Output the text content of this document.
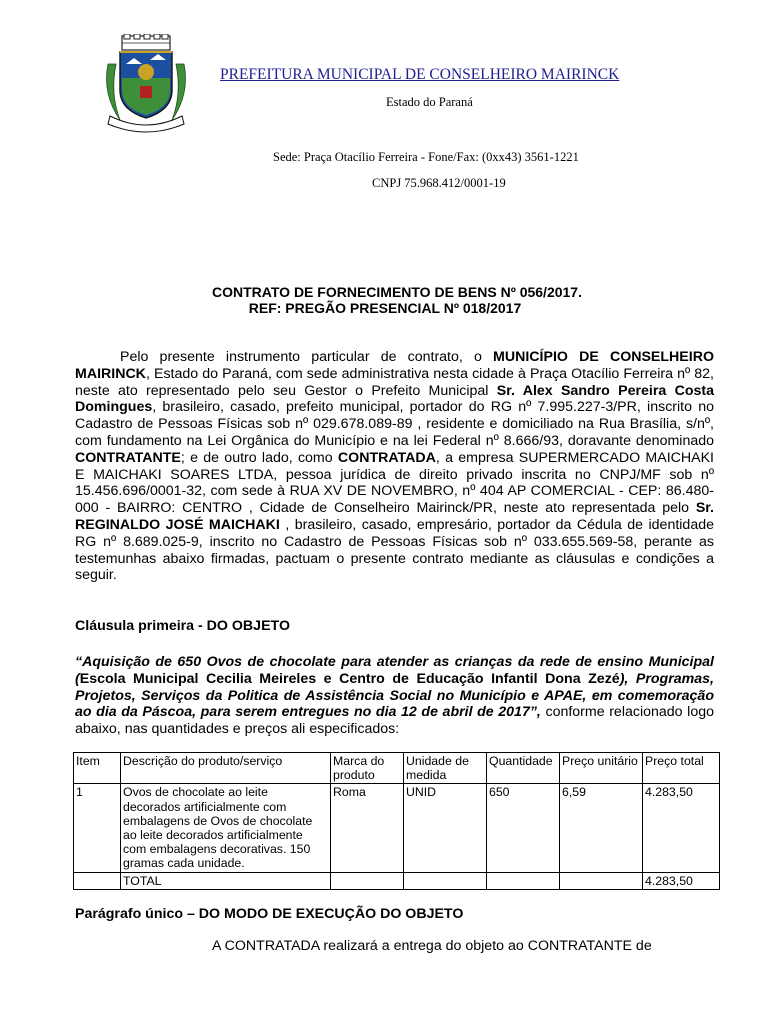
PREFEITURA MUNICIPAL DE CONSELHEIRO MAIRINCK
Estado do Paraná
Sede: Praça Otacílio Ferreira - Fone/Fax: (0xx43) 3561-1221
CNPJ 75.968.412/0001-19
CONTRATO DE FORNECIMENTO DE BENS Nº 056/2017.
REF: PREGÃO PRESENCIAL Nº 018/2017
Pelo presente instrumento particular de contrato, o MUNICÍPIO DE CONSELHEIRO MAIRINCK, Estado do Paraná, com sede administrativa nesta cidade à Praça Otacílio Ferreira nº 82, neste ato representado pelo seu Gestor o Prefeito Municipal Sr. Alex Sandro Pereira Costa Domingues, brasileiro, casado, prefeito municipal, portador do RG nº 7.995.227-3/PR, inscrito no Cadastro de Pessoas Físicas sob nº 029.678.089-89 , residente e domiciliado na Rua Brasília, s/nº, com fundamento na Lei Orgânica do Município e na lei Federal nº 8.666/93, doravante denominado CONTRATANTE; e de outro lado, como CONTRATADA, a empresa SUPERMERCADO MAICHAKI E MAICHAKI SOARES LTDA, pessoa jurídica de direito privado inscrita no CNPJ/MF sob nº 15.456.696/0001-32, com sede à RUA XV DE NOVEMBRO, nº 404 AP COMERCIAL - CEP: 86.480-000 - BAIRRO: CENTRO , Cidade de Conselheiro Mairinck/PR, neste ato representada pelo Sr. REGINALDO JOSÉ MAICHAKI , brasileiro, casado, empresário, portador da Cédula de identidade RG nº 8.689.025-9, inscrito no Cadastro de Pessoas Físicas sob nº 033.655.569-58, perante as testemunhas abaixo firmadas, pactuam o presente contrato mediante as cláusulas e condições a seguir.
Cláusula primeira - DO OBJETO
“Aquisição de 650 Ovos de chocolate para atender as crianças da rede de ensino Municipal (Escola Municipal Cecilia Meireles e Centro de Educação Infantil Dona Zezé), Programas, Projetos, Serviços da Politica de Assistência Social no Município e APAE, em comemoração ao dia da Páscoa, para serem entregues no dia 12 de abril de 2017”, conforme relacionado logo abaixo, nas quantidades e preços ali especificados:
Item	Descrição do produto/serviço	Marca do produto	Unidade de medida	Quantidade	Preço unitário	Preço total
1	Ovos de chocolate ao leite decorados artificialmente com embalagens de Ovos de chocolate ao leite decorados artificialmente com embalagens decorativas. 150 gramas cada unidade.	Roma	UNID	650	6,59	4.283,50
	TOTAL					4.283,50
Parágrafo único – DO MODO DE EXECUÇÃO DO OBJETO
A CONTRATADA realizará a entrega do objeto ao CONTRATANTE de
